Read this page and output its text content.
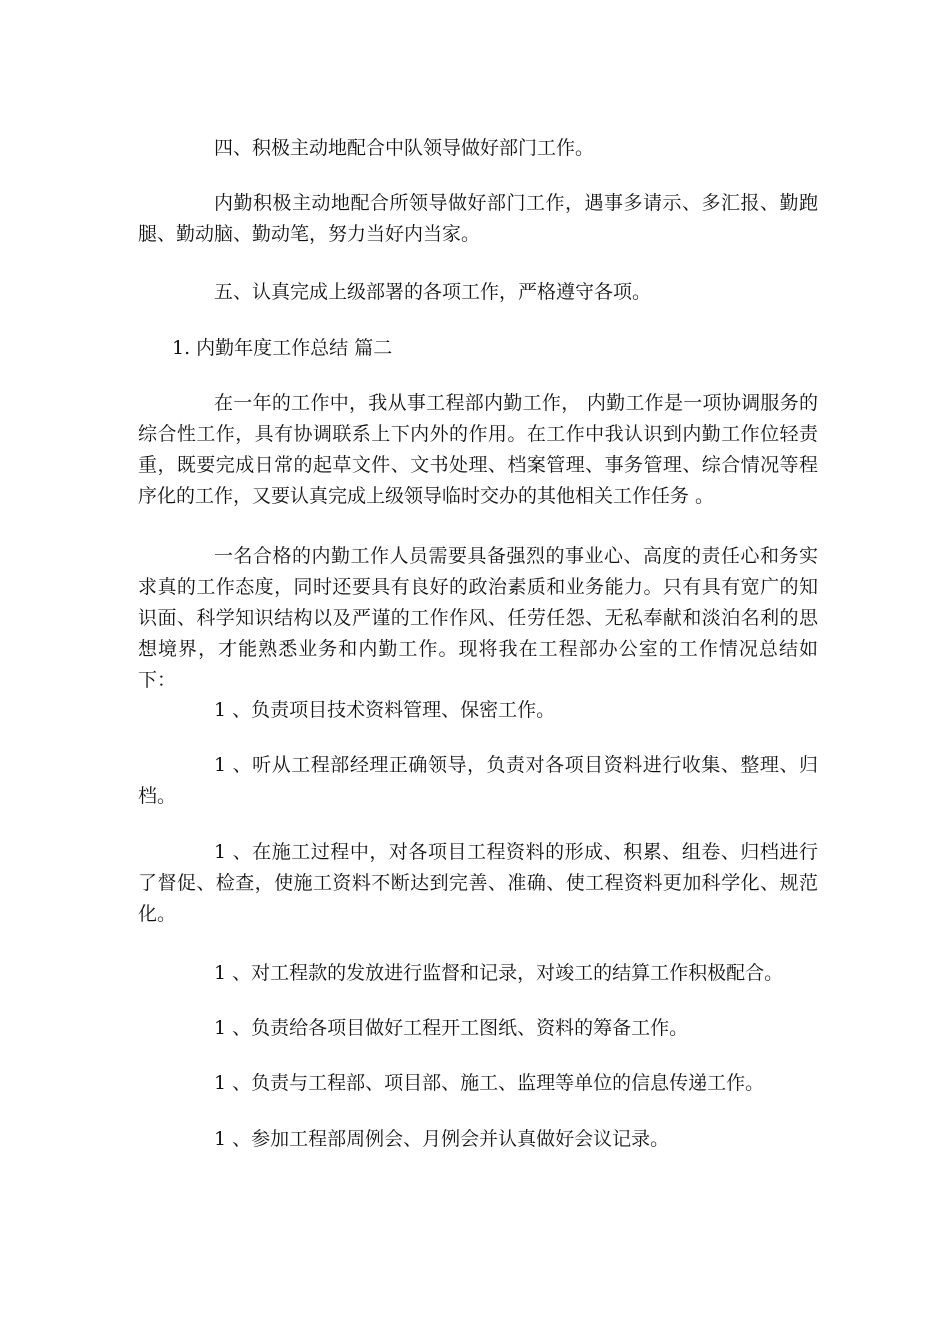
四、积极主动地配合中队领导做好部门工作。

内勤积极主动地配合所领导做好部门工作，遇事多请示、多汇报、勤跑腿、勤动脑、勤动笔，努力当好内当家。

五、认真完成上级部署的各项工作，严格遵守各项。

1. 内勤年度工作总结 篇二

在一年的工作中，我从事工程部内勤工作， 内勤工作是一项协调服务的综合性工作，具有协调联系上下内外的作用。在工作中我认识到内勤工作位轻责重，既要完成日常的起草文件、文书处理、档案管理、事务管理、综合情况等程序化的工作，又要认真完成上级领导临时交办的其他相关工作任务 。

一名合格的内勤工作人员需要具备强烈的事业心、高度的责任心和务实求真的工作态度，同时还要具有良好的政治素质和业务能力。只有具有宽广的知识面、科学知识结构以及严谨的工作作风、任劳任怨、无私奉献和淡泊名利的思想境界，才能熟悉业务和内勤工作。现将我在工程部办公室的工作情况总结如下：

1 、负责项目技术资料管理、保密工作。

1 、听从工程部经理正确领导，负责对各项目资料进行收集、整理、归档。

1 、在施工过程中，对各项目工程资料的形成、积累、组卷、归档进行了督促、检查，使施工资料不断达到完善、准确、使工程资料更加科学化、规范化。

1 、对工程款的发放进行监督和记录，对竣工的结算工作积极配合。

1 、负责给各项目做好工程开工图纸、资料的筹备工作。

1 、负责与工程部、项目部、施工、监理等单位的信息传递工作。

1 、参加工程部周例会、月例会并认真做好会议记录。
